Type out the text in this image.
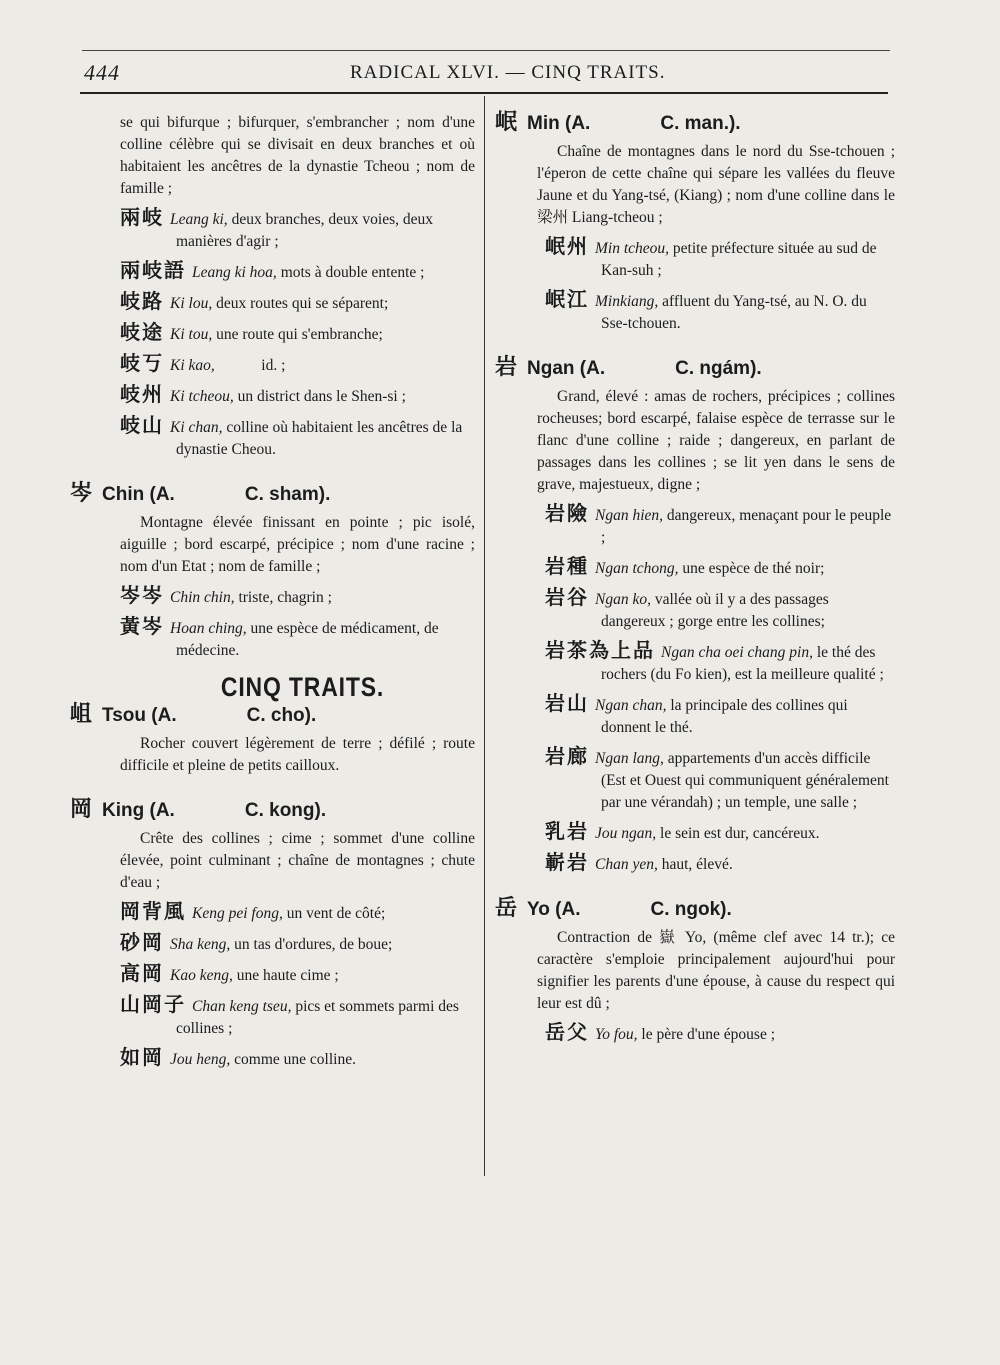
444	RADICAL XLVI. — CINQ TRAITS.

se qui bifurque ; bifurquer, s'embrancher ; nom d'une colline célèbre qui se divisait en deux branches et où habitaient les ancêtres de la dynastie Tcheou ; nom de famille ;

兩岐 Leang ki, deux branches, deux voies, deux manières d'agir ;
兩岐語 Leang ki hoa, mots à double entente ;
岐路 Ki lou, deux routes qui se séparent;
岐途 Ki tou, une route qui s'embranche;
岐丂 Ki kao,            id. ;
岐州 Ki tcheou, un district dans le Shen-si ;
岐山 Ki chan, colline où habitaient les ancêtres de la dynastie Cheou.
岑 Chin (A.	C. sham).

Montagne élevée finissant en pointe ; pic isolé, aiguille ; bord escarpé, précipice ; nom d'une racine ; nom d'un Etat ; nom de famille ;

岑岑 Chin chin, triste, chagrin ;
黃岑 Hoan ching, une espèce de médicament, de médecine.
CINQ TRAITS.
岨 Tsou (A.	C. cho).

Rocher couvert légèrement de terre ; défilé ; route difficile et pleine de petits cailloux.

岡 King (A.	C. kong).

Crête des collines ; cime ; sommet d'une colline élevée, point culminant ; chaîne de montagnes ; chute d'eau ;

岡背風 Keng pei fong, un vent de côté;
砂岡 Sha keng, un tas d'ordures, de boue;
高岡 Kao keng, une haute cime ;
山岡子 Chan keng tseu, pics et sommets parmi des collines ;
如岡 Jou heng, comme une colline.
岷 Min (A.	C. man.).

Chaîne de montagnes dans le nord du Sse-tchouen ; l'éperon de cette chaîne qui sépare les vallées du fleuve Jaune et du Yang-tsé, (Kiang) ; nom d'une colline dans le 梁州 Liang-tcheou ;

岷州 Min tcheou, petite préfecture située au sud de Kan-suh ;
岷江 Minkiang, affluent du Yang-tsé, au N. O. du Sse-tchouen.
岩 Ngan (A.	C. ngám).

Grand, élevé : amas de rochers, précipices ; collines rocheuses; bord escarpé, falaise espèce de terrasse sur le flanc d'une colline ; raide ; dangereux, en parlant de passages dans les collines ; se lit yen dans le sens de grave, majestueux, digne ;

岩險 Ngan hien, dangereux, menaçant pour le peuple ;
岩種 Ngan tchong, une espèce de thé noir;
岩谷 Ngan ko, vallée où il y a des passages dangereux ; gorge entre les collines;
岩茶為上品 Ngan cha oei chang pin, le thé des rochers (du Fo kien), est la meilleure qualité ;
岩山 Ngan chan, la principale des collines qui donnent le thé.
岩廊 Ngan lang, appartements d'un accès difficile (Est et Ouest qui communiquent généralement par une vérandah) ; un temple, une salle ;
乳岩 Jou ngan, le sein est dur, cancéreux.
嶄岩 Chan yen, haut, élevé.
岳 Yo (A.	C. ngok).

Contraction de 嶽 Yo, (même clef avec 14 tr.); ce caractère s'emploie principalement aujourd'hui pour signifier les parents d'une épouse, à cause du respect qui leur est dû ;

岳父 Yo fou, le père d'une épouse ;
